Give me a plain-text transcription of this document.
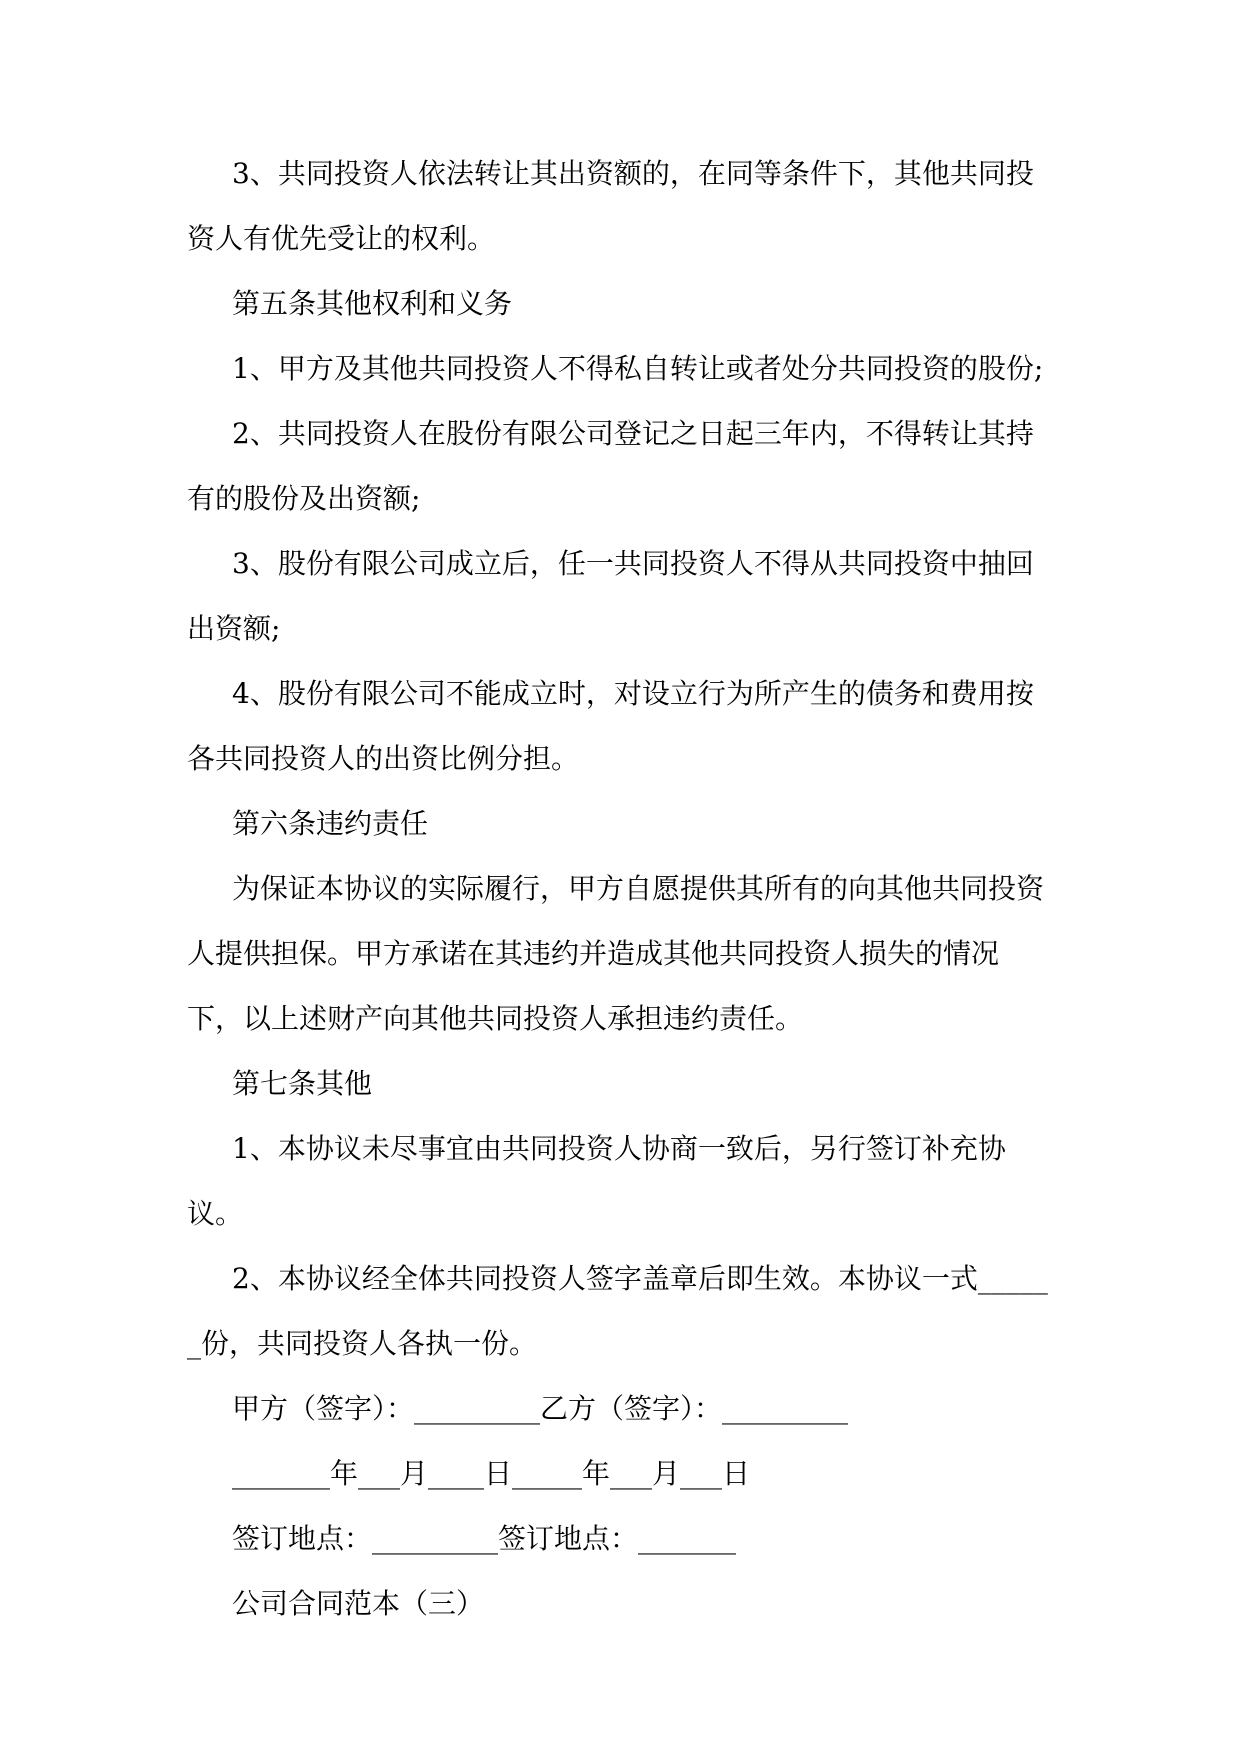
3、共同投资人依法转让其出资额的，在同等条件下，其他共同投资人有优先受让的权利。

第五条其他权利和义务

1、甲方及其他共同投资人不得私自转让或者处分共同投资的股份;

2、共同投资人在股份有限公司登记之日起三年内，不得转让其持有的股份及出资额;

3、股份有限公司成立后，任一共同投资人不得从共同投资中抽回出资额;

4、股份有限公司不能成立时，对设立行为所产生的债务和费用按各共同投资人的出资比例分担。

第六条违约责任

为保证本协议的实际履行，甲方自愿提供其所有的向其他共同投资人提供担保。甲方承诺在其违约并造成其他共同投资人损失的情况下，以上述财产向其他共同投资人承担违约责任。

第七条其他

1、本协议未尽事宜由共同投资人协商一致后，另行签订补充协议。

2、本协议经全体共同投资人签字盖章后即生效。本协议一式______份，共同投资人各执一份。

甲方（签字）：_________乙方（签字）：_________

_______年___月____日_____年___月___日

签订地点：_________签订地点：_______

公司合同范本（三）
